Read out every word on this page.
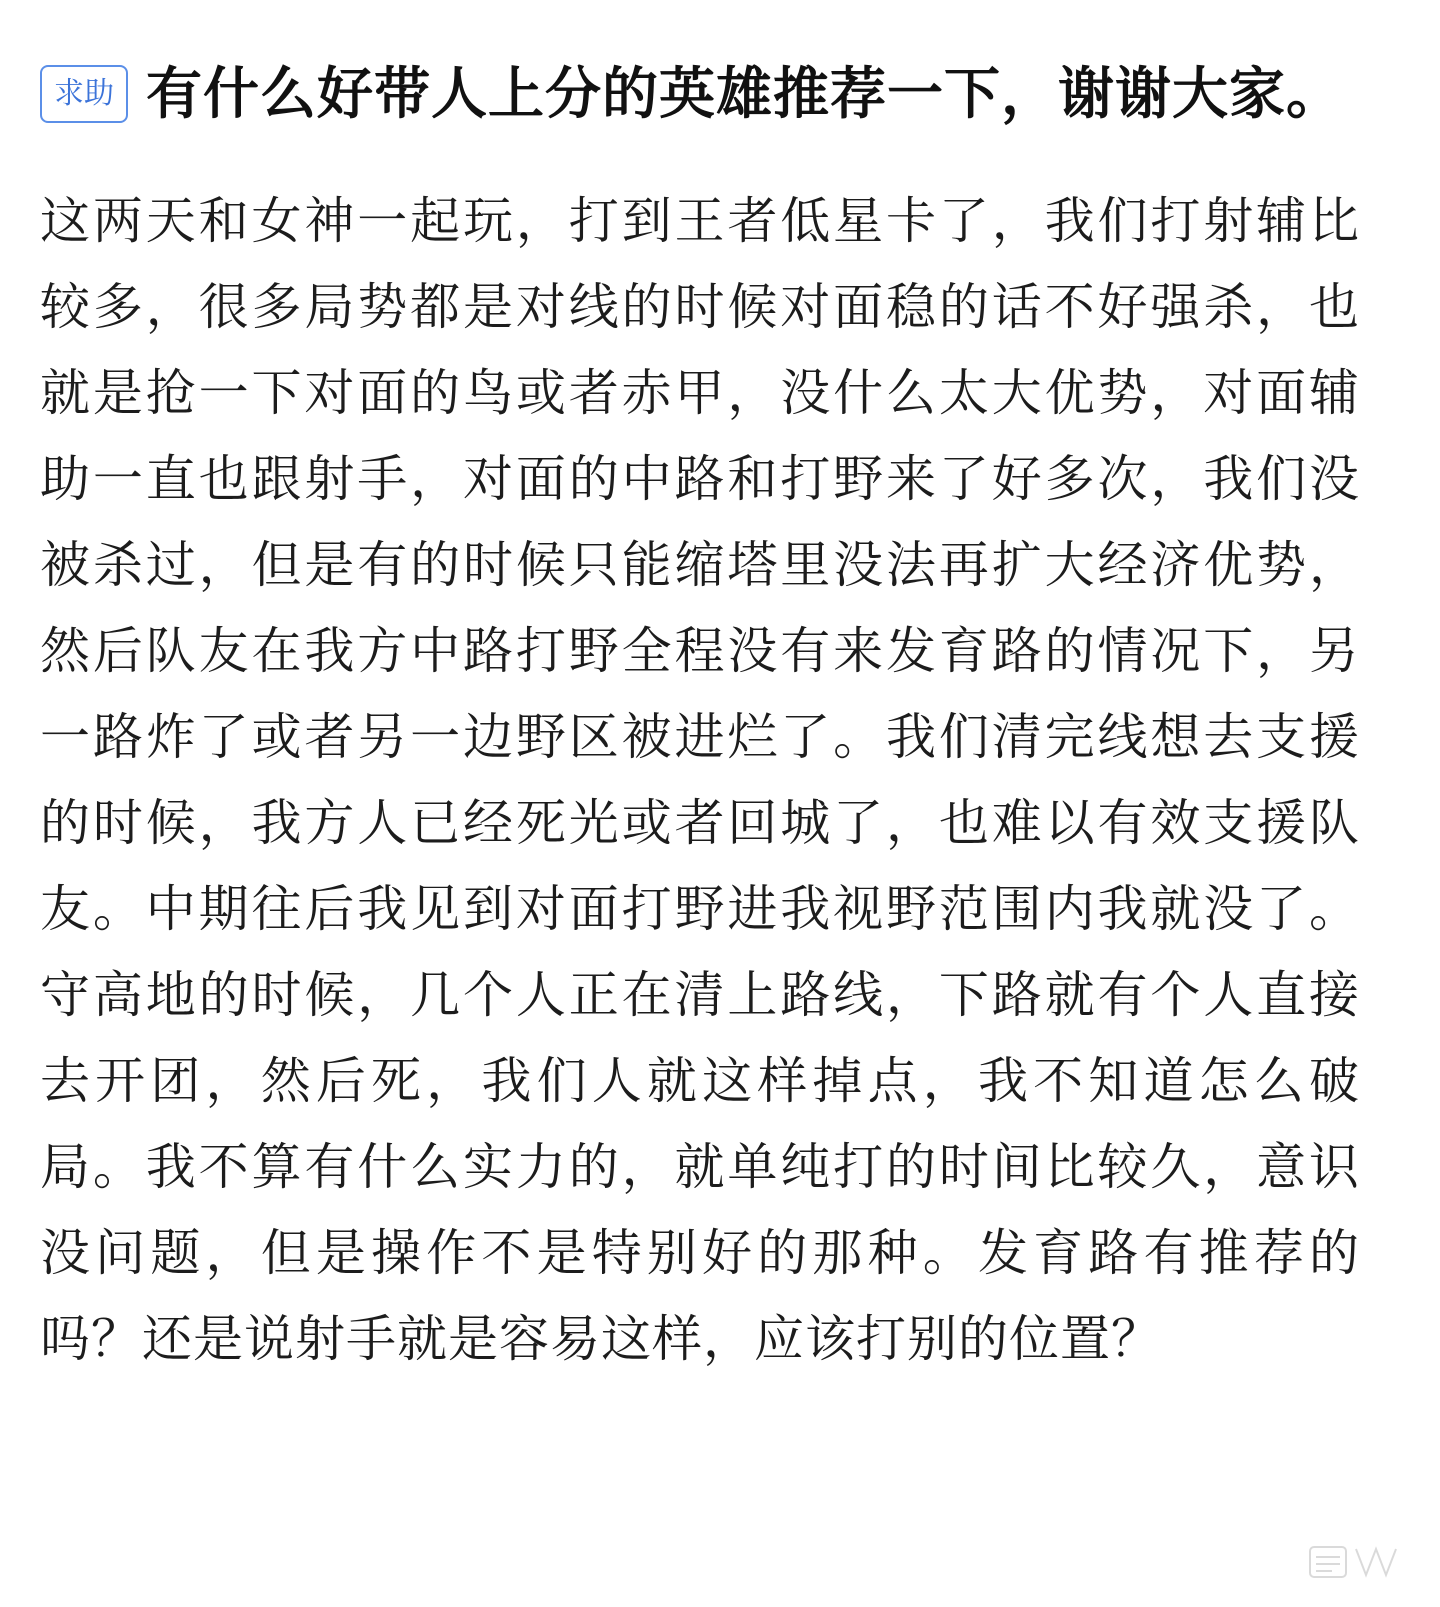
求助 有什么好带人上分的英雄推荐一下，谢谢大家。

这两天和女神一起玩，打到王者低星卡了，我们打射辅比较多，很多局势都是对线的时候对面稳的话不好强杀，也就是抢一下对面的鸟或者赤甲，没什么太大优势，对面辅助一直也跟射手，对面的中路和打野来了好多次，我们没被杀过，但是有的时候只能缩塔里没法再扩大经济优势，然后队友在我方中路打野全程没有来发育路的情况下，另一路炸了或者另一边野区被进烂了。我们清完线想去支援的时候，我方人已经死光或者回城了，也难以有效支援队友。中期往后我见到对面打野进我视野范围内我就没了。守高地的时候，几个人正在清上路线，下路就有个人直接去开团，然后死，我们人就这样掉点，我不知道怎么破局。我不算有什么实力的，就单纯打的时间比较久，意识没问题，但是操作不是特别好的那种。发育路有推荐的吗？还是说射手就是容易这样，应该打别的位置？
